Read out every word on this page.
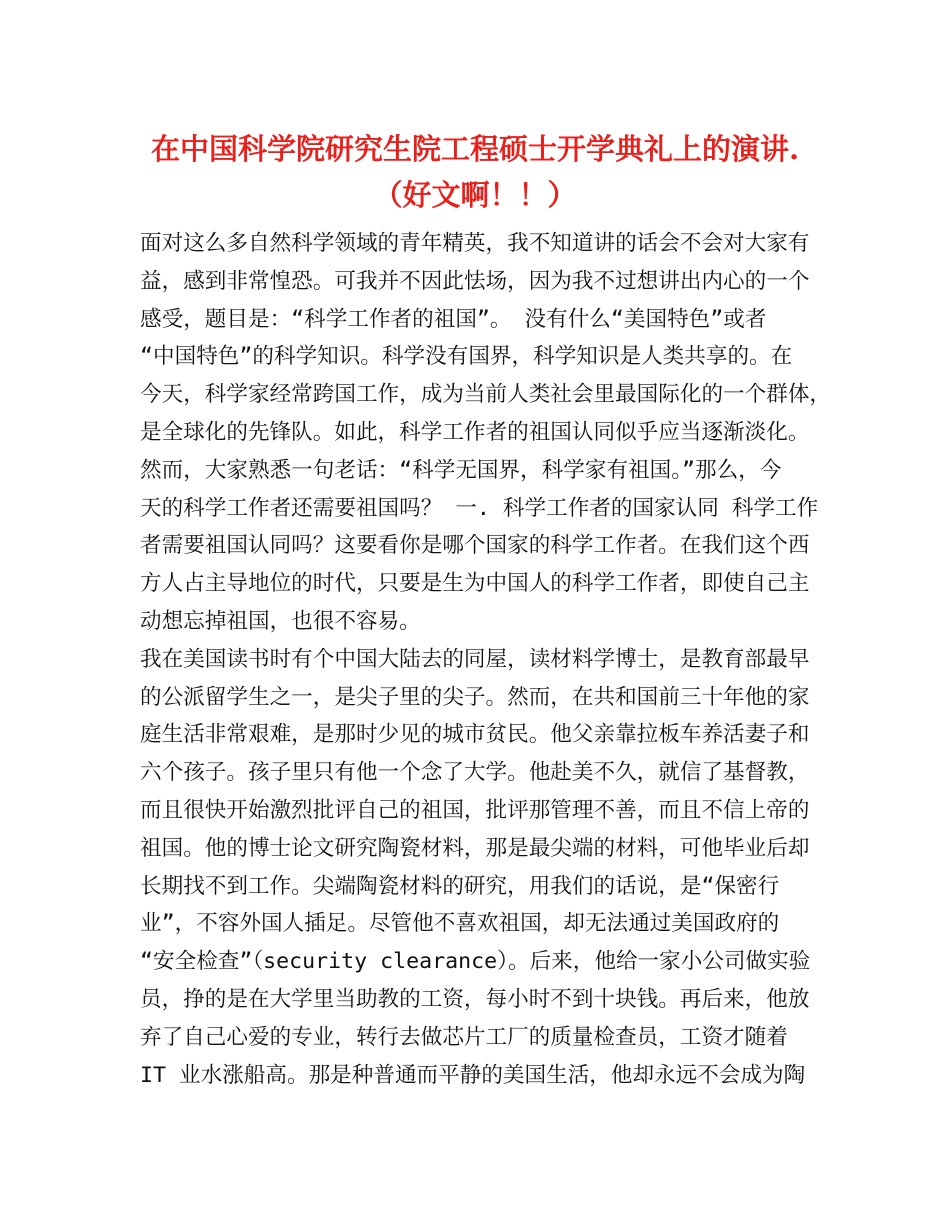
在中国科学院研究生院工程硕士开学典礼上的演讲.
（好文啊！！）
面对这么多自然科学领域的青年精英，我不知道讲的话会不会对大家有
益，感到非常惶恐。可我并不因此怯场，因为我不过想讲出内心的一个
感受，题目是：“科学工作者的祖国”。 没有什么“美国特色”或者
“中国特色”的科学知识。科学没有国界，科学知识是人类共享的。在
今天，科学家经常跨国工作，成为当前人类社会里最国际化的一个群体，
是全球化的先锋队。如此，科学工作者的祖国认同似乎应当逐渐淡化。
然而，大家熟悉一句老话：“科学无国界，科学家有祖国。”那么，今
天的科学工作者还需要祖国吗？ 一. 科学工作者的国家认同 科学工作
者需要祖国认同吗？这要看你是哪个国家的科学工作者。在我们这个西
方人占主导地位的时代，只要是生为中国人的科学工作者，即使自己主
动想忘掉祖国，也很不容易。
我在美国读书时有个中国大陆去的同屋，读材料学博士，是教育部最早
的公派留学生之一，是尖子里的尖子。然而，在共和国前三十年他的家
庭生活非常艰难，是那时少见的城市贫民。他父亲靠拉板车养活妻子和
六个孩子。孩子里只有他一个念了大学。他赴美不久，就信了基督教，
而且很快开始激烈批评自己的祖国，批评那管理不善，而且不信上帝的
祖国。他的博士论文研究陶瓷材料，那是最尖端的材料，可他毕业后却
长期找不到工作。尖端陶瓷材料的研究，用我们的话说，是“保密行
业”，不容外国人插足。尽管他不喜欢祖国，却无法通过美国政府的
“安全检查”（security clearance）。后来，他给一家小公司做实验
员，挣的是在大学里当助教的工资，每小时不到十块钱。再后来，他放
弃了自己心爱的专业，转行去做芯片工厂的质量检查员，工资才随着
IT 业水涨船高。那是种普通而平静的美国生活，他却永远不会成为陶
